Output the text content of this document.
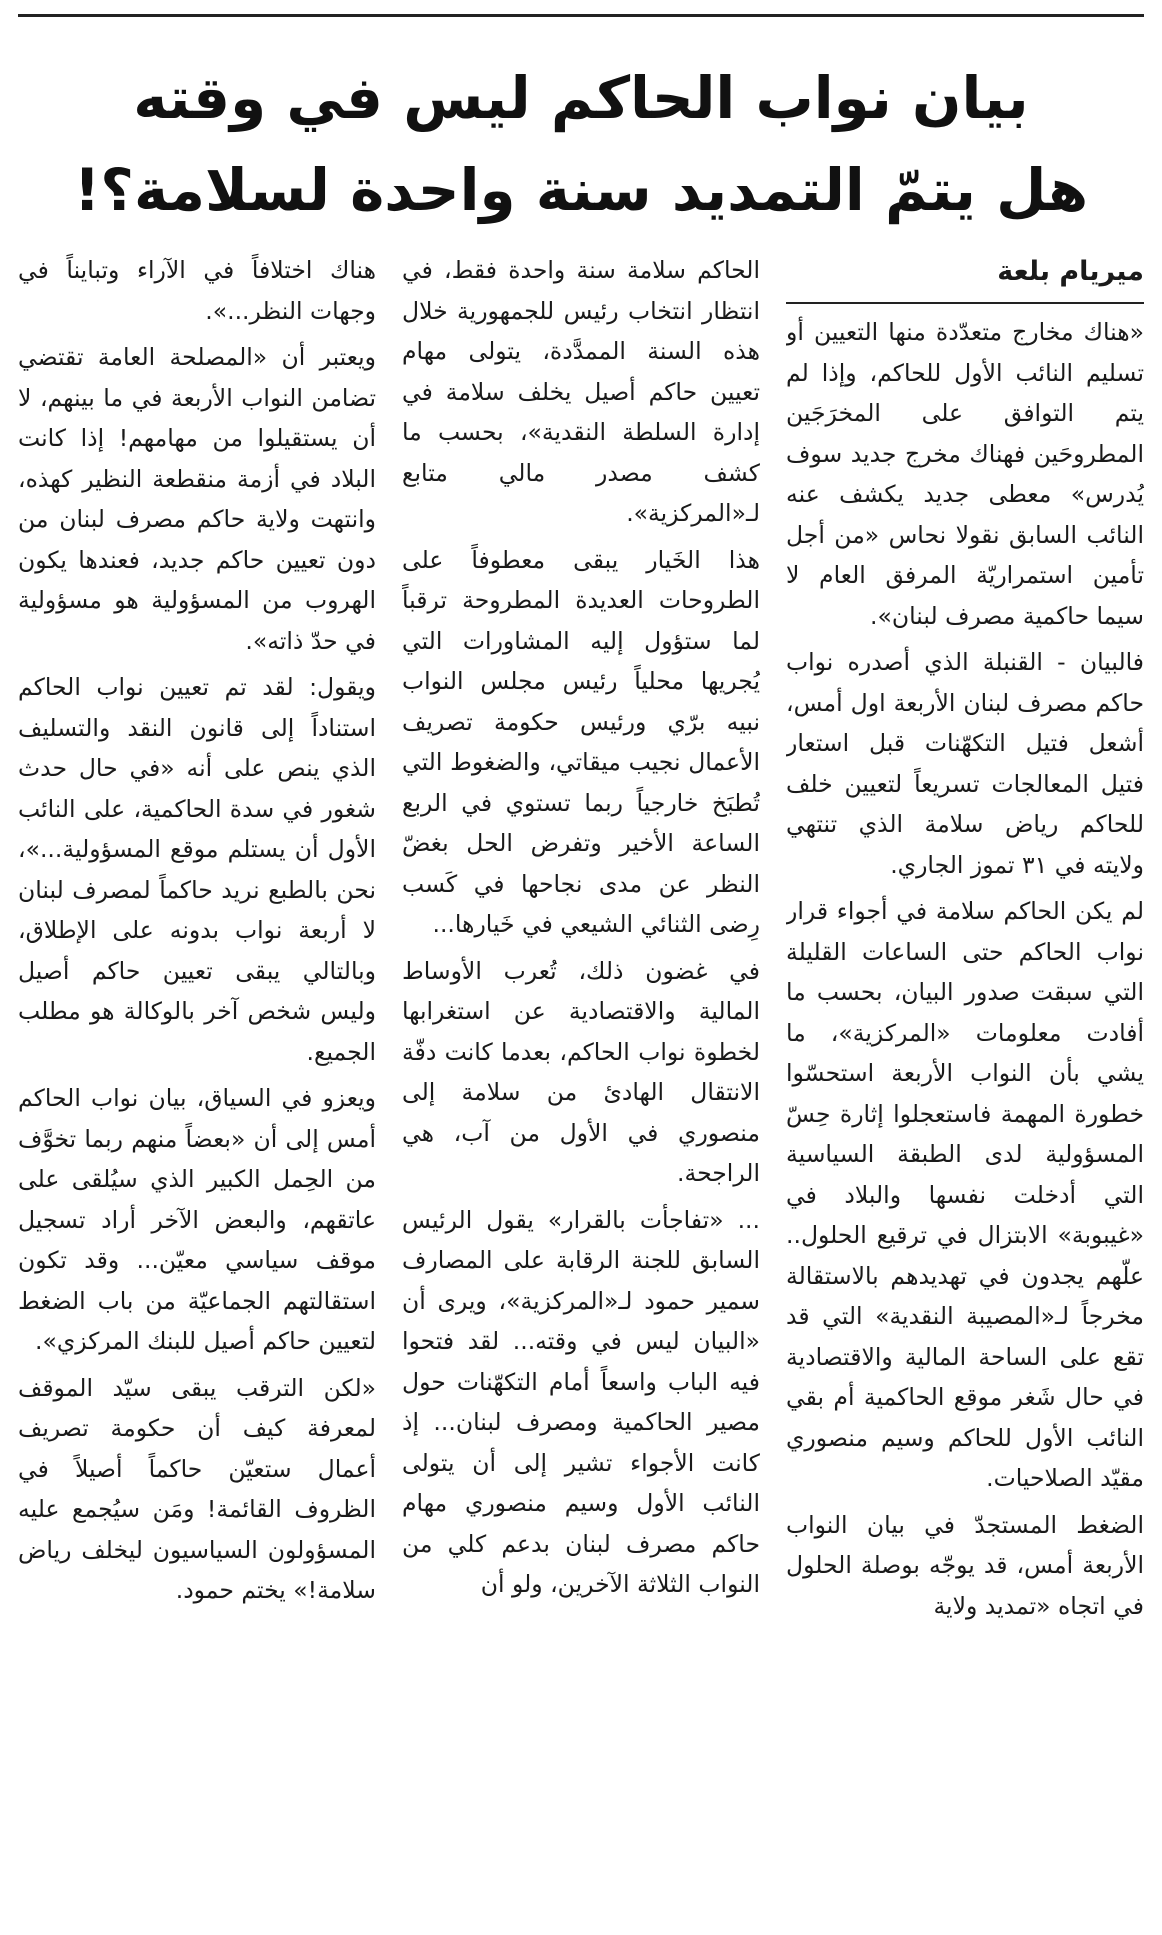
بيان نواب الحاكم ليس في وقته
هل يتمّ التمديد سنة واحدة لسلامة؟!
ميريام بلعة

«هناك مخارج متعدّدة منها التعيين أو تسليم النائب الأول للحاكم، وإذا لم يتم التوافق على المخرَجَين المطروحَين فهناك مخرج جديد سوف يُدرس» معطى جديد يكشف عنه النائب السابق نقولا نحاس «من أجل تأمين استمراريّة المرفق العام لا سيما حاكمية مصرف لبنان».

فالبيان - القنبلة الذي أصدره نواب حاكم مصرف لبنان الأربعة اول أمس، أشعل فتيل التكهّنات قبل استعار فتيل المعالجات تسريعاً لتعيين خلف للحاكم رياض سلامة الذي تنتهي ولايته في ٣١ تموز الجاري.

لم يكن الحاكم سلامة في أجواء قرار نواب الحاكم حتى الساعات القليلة التي سبقت صدور البيان، بحسب ما أفادت معلومات «المركزية»، ما يشي بأن النواب الأربعة استحسّوا خطورة المهمة فاستعجلوا إثارة حِسّ المسؤولية لدى الطبقة السياسية التي أدخلت نفسها والبلاد في «غيبوبة» الابتزال في ترقيع الحلول.. علّهم يجدون في تهديدهم بالاستقالة مخرجاً لـ«المصيبة النقدية» التي قد تقع على الساحة المالية والاقتصادية في حال شَغر موقع الحاكمية أم بقي النائب الأول للحاكم وسيم منصوري مقيّد الصلاحيات.

الضغط المستجدّ في بيان النواب الأربعة أمس، قد يوجّه بوصلة الحلول في اتجاه «تمديد ولاية

الحاكم سلامة سنة واحدة فقط، في انتظار انتخاب رئيس للجمهورية خلال هذه السنة الممدَّدة، يتولى مهام تعيين حاكم أصيل يخلف سلامة في إدارة السلطة النقدية»، بحسب ما كشف مصدر مالي متابع لـ«المركزية».

هذا الخَيار يبقى معطوفاً على الطروحات العديدة المطروحة ترقباً لما ستؤول إليه المشاورات التي يُجريها محلياً رئيس مجلس النواب نبيه برّي ورئيس حكومة تصريف الأعمال نجيب ميقاتي، والضغوط التي تُطبَخ خارجياً ربما تستوي في الربع الساعة الأخير وتفرض الحل بغضّ النظر عن مدى نجاحها في كَسب رِضى الثنائي الشيعي في خَيارها...

في غضون ذلك، تُعرب الأوساط المالية والاقتصادية عن استغرابها لخطوة نواب الحاكم، بعدما كانت دفّة الانتقال الهادئ من سلامة إلى منصوري في الأول من آب، هي الراجحة.

... «تفاجأت بالقرار» يقول الرئيس السابق للجنة الرقابة على المصارف سمير حمود لـ«المركزية»، ويرى أن «البيان ليس في وقته... لقد فتحوا فيه الباب واسعاً أمام التكهّنات حول مصير الحاكمية ومصرف لبنان... إذ كانت الأجواء تشير إلى أن يتولى النائب الأول وسيم منصوري مهام حاكم مصرف لبنان بدعم كلي من النواب الثلاثة الآخرين، ولو أن

هناك اختلافاً في الآراء وتبايناً في وجهات النظر...».

ويعتبر أن «المصلحة العامة تقتضي تضامن النواب الأربعة في ما بينهم، لا أن يستقيلوا من مهامهم! إذا كانت البلاد في أزمة منقطعة النظير كهذه، وانتهت ولاية حاكم مصرف لبنان من دون تعيين حاكم جديد، فعندها يكون الهروب من المسؤولية هو مسؤولية في حدّ ذاته».

ويقول: لقد تم تعيين نواب الحاكم استناداً إلى قانون النقد والتسليف الذي ينص على أنه «في حال حدث شغور في سدة الحاكمية، على النائب الأول أن يستلم موقع المسؤولية...»، نحن بالطبع نريد حاكماً لمصرف لبنان لا أربعة نواب بدونه على الإطلاق، وبالتالي يبقى تعيين حاكم أصيل وليس شخص آخر بالوكالة هو مطلب الجميع.

ويعزو في السياق، بيان نواب الحاكم أمس إلى أن «بعضاً منهم ربما تخوَّف من الحِمل الكبير الذي سيُلقى على عاتقهم، والبعض الآخر أراد تسجيل موقف سياسي معيّن... وقد تكون استقالتهم الجماعيّة من باب الضغط لتعيين حاكم أصيل للبنك المركزي».

«لكن الترقب يبقى سيّد الموقف لمعرفة كيف أن حكومة تصريف أعمال ستعيّن حاكماً أصيلاً في الظروف القائمة! ومَن سيُجمع عليه المسؤولون السياسيون ليخلف رياض سلامة!» يختم حمود.
